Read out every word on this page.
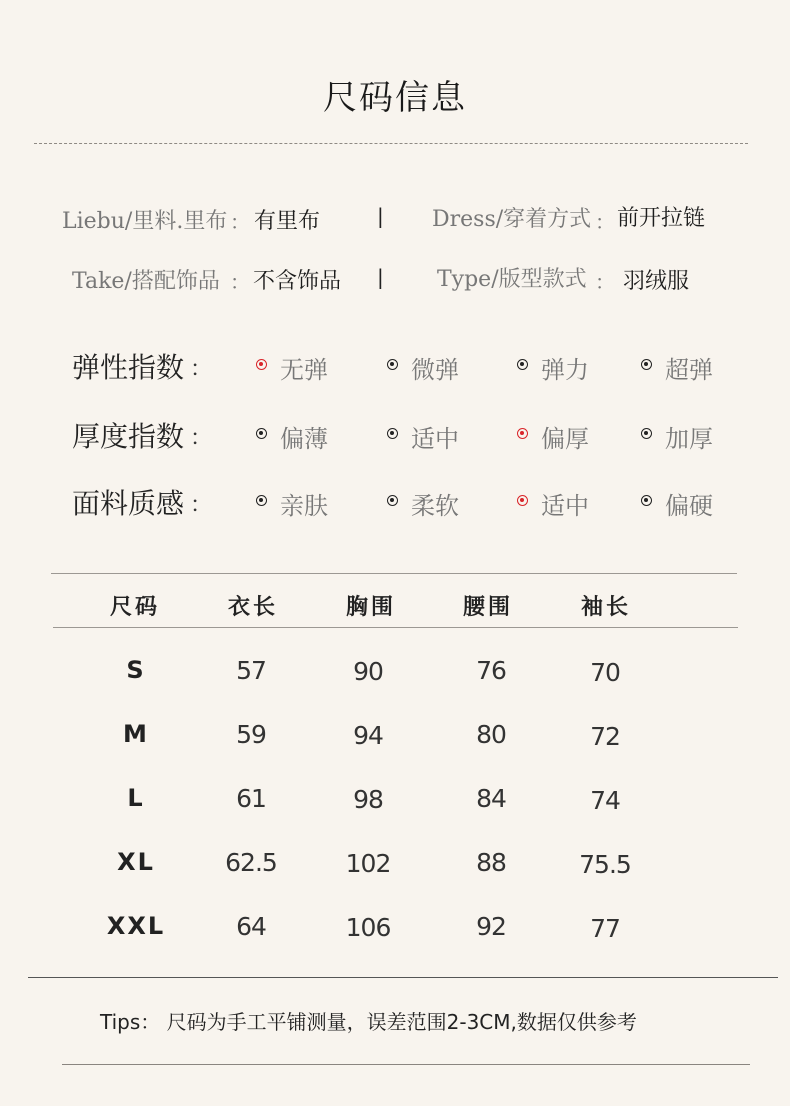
尺码信息
Liebu/里料.里布 ： 有里布	| Dress/穿着方式 ： 前开拉链
Take/搭配饰品 ： 不含饰品 | Type/版型款式 ： 羽绒服
弹性指数 ：	无弹	微弹	弹力	超弹
厚度指数 ：	偏薄	适中	偏厚	加厚
面料质感 ：	亲肤	柔软	适中	偏硬
尺码	衣长	胸围	腰围	袖长
S	57	90	76	70
M	59	94	80	72
L	61	98	84	74
XL	62.5	102	88	75.5
XXL	64	106	92	77
Tips： 尺码为手工平铺测量，误差范围2-3CM,数据仅供参考
